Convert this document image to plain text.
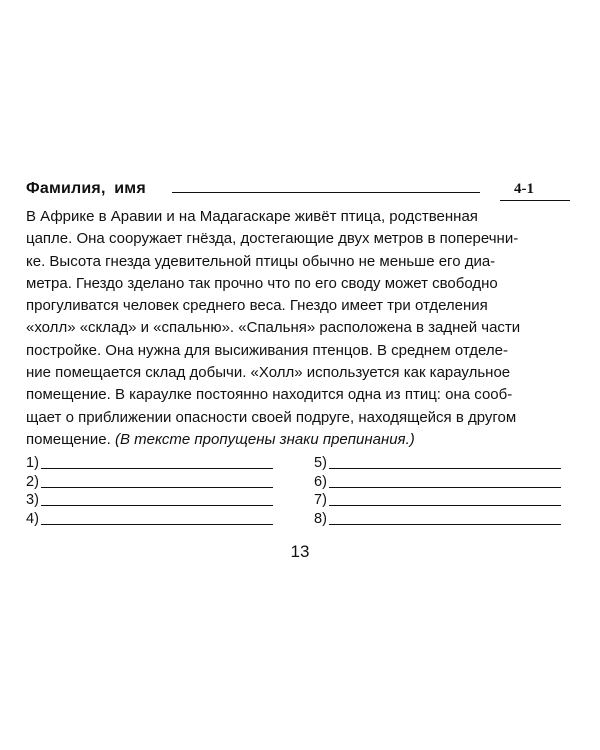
Фамилия, имя	4-1
В Африке в Аравии и на Мадагаскаре живёт птица, родственная
цапле. Она сооружает гнёзда, достегающие двух метров в поперечни-
ке. Высота гнезда удевительной птицы обычно не меньше его диа-
метра. Гнездо зделано так прочно что по его своду может свободно
прогуливатся человек среднего веса. Гнездо имеет три отделения
«холл» «склад» и «спальню». «Спальня» расположена в задней части
постройке. Она нужна для высиживания птенцов. В среднем отделе-
ние помещается склад добычи. «Холл» используется как караульное
помещение. В караулке постоянно находится одна из птиц: она сооб-
щает о приближении опасности своей подруге, находящейся в другом
помещение. (В тексте пропущены знаки препинания.)
1)
2)
3)
4)
5)
6)
7)
8)
13
